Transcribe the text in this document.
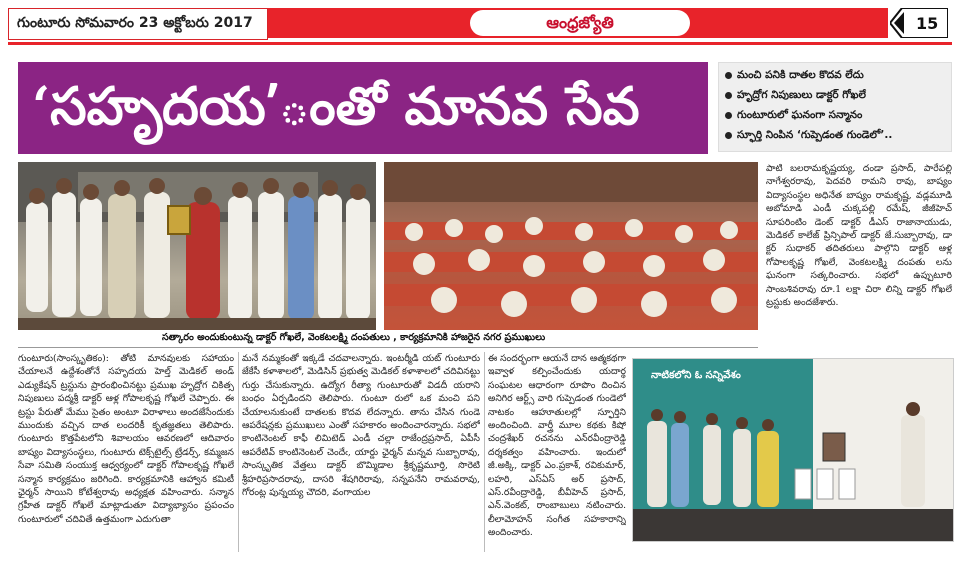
గుంటూరు సోమవారం 23 అక్టోబరు 2017	ఆంధ్రజ్యోతి	15
‘సహృదయ’ంతో మానవ సేవ
మంచి పనికి దాతల కొదవ లేదు
హృద్రోగ నిపుణులు డాక్టర్‌ గోఖలే
గుంటూరులో ఘనంగా సన్మానం
స్ఫూర్తి నింపిన ‘గుప్పెడంత గుండెలో’..
సత్కారం అందుకుంటున్న డాక్టర్‌ గోఖలే, వెంకటలక్ష్మి దంపతులు , కార్యక్రమానికి హాజరైన నగర ప్రముఖులు
పాటి బలరామకృష్ణయ్య, దండా ప్రసాద్‌, పారేపల్లి నాగేశ్వరరావు, పెదవరి రామని రావు, బాష్యం విద్యాసంస్థల అధినేత బాష్యం రామకృష్ణ, వడ్లమూడి అబోమాడి ఎండీ చుక్కపల్లి రమేష్‌, జీజీహెచ్‌ సూపరింటిం డెంట్‌ డాక్టర్‌ డీఎస్‌ రాజానాయుడు, మెడికల్‌ కాలేజ్‌ ప్రిన్సిపాల్‌ డాక్టర్‌ జే.సుబ్బారావు, డా క్టర్‌ సుధాకర్‌ తదితరులు పాల్గొని డాక్టర్‌ ఆళ్ల గోపాలకృష్ణ గోఖలే, వెంకటలక్ష్మి దంపతు లను ఘనంగా సత్కరించారు. సభలో ఉప్పుటూరి సాంబశివరావు రూ.1 లక్షా చిరా లిన్ని డాక్టర్‌ గోఖలే ట్రస్టుకు అందజేశారు.
గుంటూరు(సాంస్కృతికం): తోటి మానవులకు సహాయం చేయాలనే ఉద్దేశంతోనే సహృదయ హెల్త్‌ మెడికల్‌ అండ్‌ ఎడ్యుకేషన్‌ ట్రస్టును ప్రారంభించినట్టు ప్రముఖ హృద్రోగ చికిత్స నిపుణులు పద్మశ్రీ డాక్టర్‌ ఆళ్ల గోపాలకృష్ణ గోఖలే చెప్పారు. ఈ ట్రస్టు పేరుతో మేము సైతం అంటూ విరాళాలు అందజేసేందుకు ముందుకు వచ్చిన దాత లందరికీ కృతజ్ఞతలు తెలిపారు. గుంటూరు కొత్తపేటలోని శివాలయం ఆవరణలో ఆదివారం బాష్యం విద్యాసంస్థలు, గుంటూరు టెక్స్‌టైల్స్‌ ట్రేడర్స్‌, కమ్మజన సేవా సమితి సంయుక్త ఆధ్వర్యంలో డాక్టర్‌ గోపాలకృష్ణ గోఖలే సన్మాన కార్యక్రమం జరిగింది. కార్యక్రమానికి ఆహ్వాన కమిటీ ఛైర్మన్‌ సాయిని కోటేశ్వరావు అధ్యక్షత వహించారు. సన్మాన గ్రహీత డాక్టర్‌ గోఖలే మాట్లాడుతూ విద్యాభ్యాసం ప్రపంచం గుంటూరులో చదివితే ఉత్తమంగా ఎదుగుతా
మనే నమ్మకంతో ఇక్కడే చదవాలన్నారు. ఇంటర్మీడి యట్‌ గుంటూరు జేకేసీ కళాశాలలో, మెడిసిన్‌ ప్రభుత్వ మెడికల్‌ కళాశాలలో చదివినట్టు గుర్తు చేసుకున్నారు. ఉద్యోగ రీత్యా గుంటూరుతో విడదీ యరాని బంధం ఏర్పడిందని తెలిపారు. గుంటూ రులో ఒక మంచి పని చేయాలనుకుంటే దాతలకు కొదవ లేదన్నారు. తాను చేసిన గుండె ఆపరేషన్లకు ప్రముఖులు ఎంతో సహకారం అందించారన్నారు. సభలో కాంటినెంటల్‌ కాఫీ లిమిటెడ్‌ ఎండీ చల్లా రాజేంద్రప్రసాద్‌, ఏపీసీ ఆపరేటివ్‌ కాంటినెంటల్‌ చెందేఁ, యార్డు ఛైర్మన్‌ మన్నవ సుబ్బారావు, సాంస్కృతిక వేత్తలు డాక్టర్‌ బొమ్మిడాల శ్రీకృష్ణమూర్తి, సొరెటి శ్రీహరిప్రసాదరావు, దాసరి శేషగిరిరావు, సన్నపనేని రామవరావు, గోరంట్ల పున్నయ్య చౌదరి, వంగాయల
ఈ సందర్భంగా ఆయనే దాన ఆత్మకథగా ఇవ్వాళ కల్పించేందుకు యదార్థ సంఘటల ఆధారంగా రూపొం దించిన అనిగిర ఆర్ట్స్‌ వారి గుప్పెడంత గుండెలో నాటకం ఆహూతులల్లో స్ఫూర్తిని అందించింది. వార్త్రీ మూల కథకు కిషో చంద్రశేఖర్‌ రచనను ఎన్‌రవీంద్రారెడ్డి దర్శకత్వం వహించారు. ఇందులో జీ.అక్కి, డాక్టర్‌ ఎం.ప్రకాశ్‌, రవికుమార్‌, లహరి, ఎస్‌ఏస్‌ అర్‌ ప్రసాద్‌, ఎస్‌.రవీంద్రారెడ్డి, బీవీహెచ్‌ ప్రసాద్‌, ఎన్‌.వెంకట్‌, రాంబాబులు నటించారు. లీలామోహన్‌ సంగీత సహకారాన్ని అందించారు.
నాటికలోని ఓ సన్నివేశం
